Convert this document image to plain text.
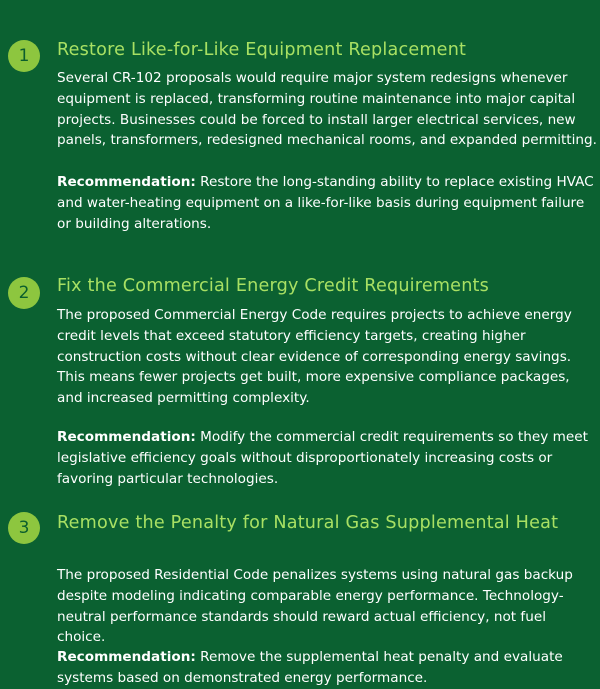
1	Restore Like-for-Like Equipment Replacement

Several CR-102 proposals would require major system redesigns whenever equipment is replaced, transforming routine maintenance into major capital projects. Businesses could be forced to install larger electrical services, new panels, transformers, redesigned mechanical rooms, and expanded permitting.

Recommendation: Restore the long-standing ability to replace existing HVAC and water-heating equipment on a like-for-like basis during equipment failure or building alterations.

2	Fix the Commercial Energy Credit Requirements

The proposed Commercial Energy Code requires projects to achieve energy credit levels that exceed statutory efficiency targets, creating higher construction costs without clear evidence of corresponding energy savings. This means fewer projects get built, more expensive compliance packages, and increased permitting complexity.

Recommendation: Modify the commercial credit requirements so they meet legislative efficiency goals without disproportionately increasing costs or favoring particular technologies.

3	Remove the Penalty for Natural Gas Supplemental Heat

The proposed Residential Code penalizes systems using natural gas backup despite modeling indicating comparable energy performance. Technology-neutral performance standards should reward actual efficiency, not fuel choice.

Recommendation: Remove the supplemental heat penalty and evaluate systems based on demonstrated energy performance.
